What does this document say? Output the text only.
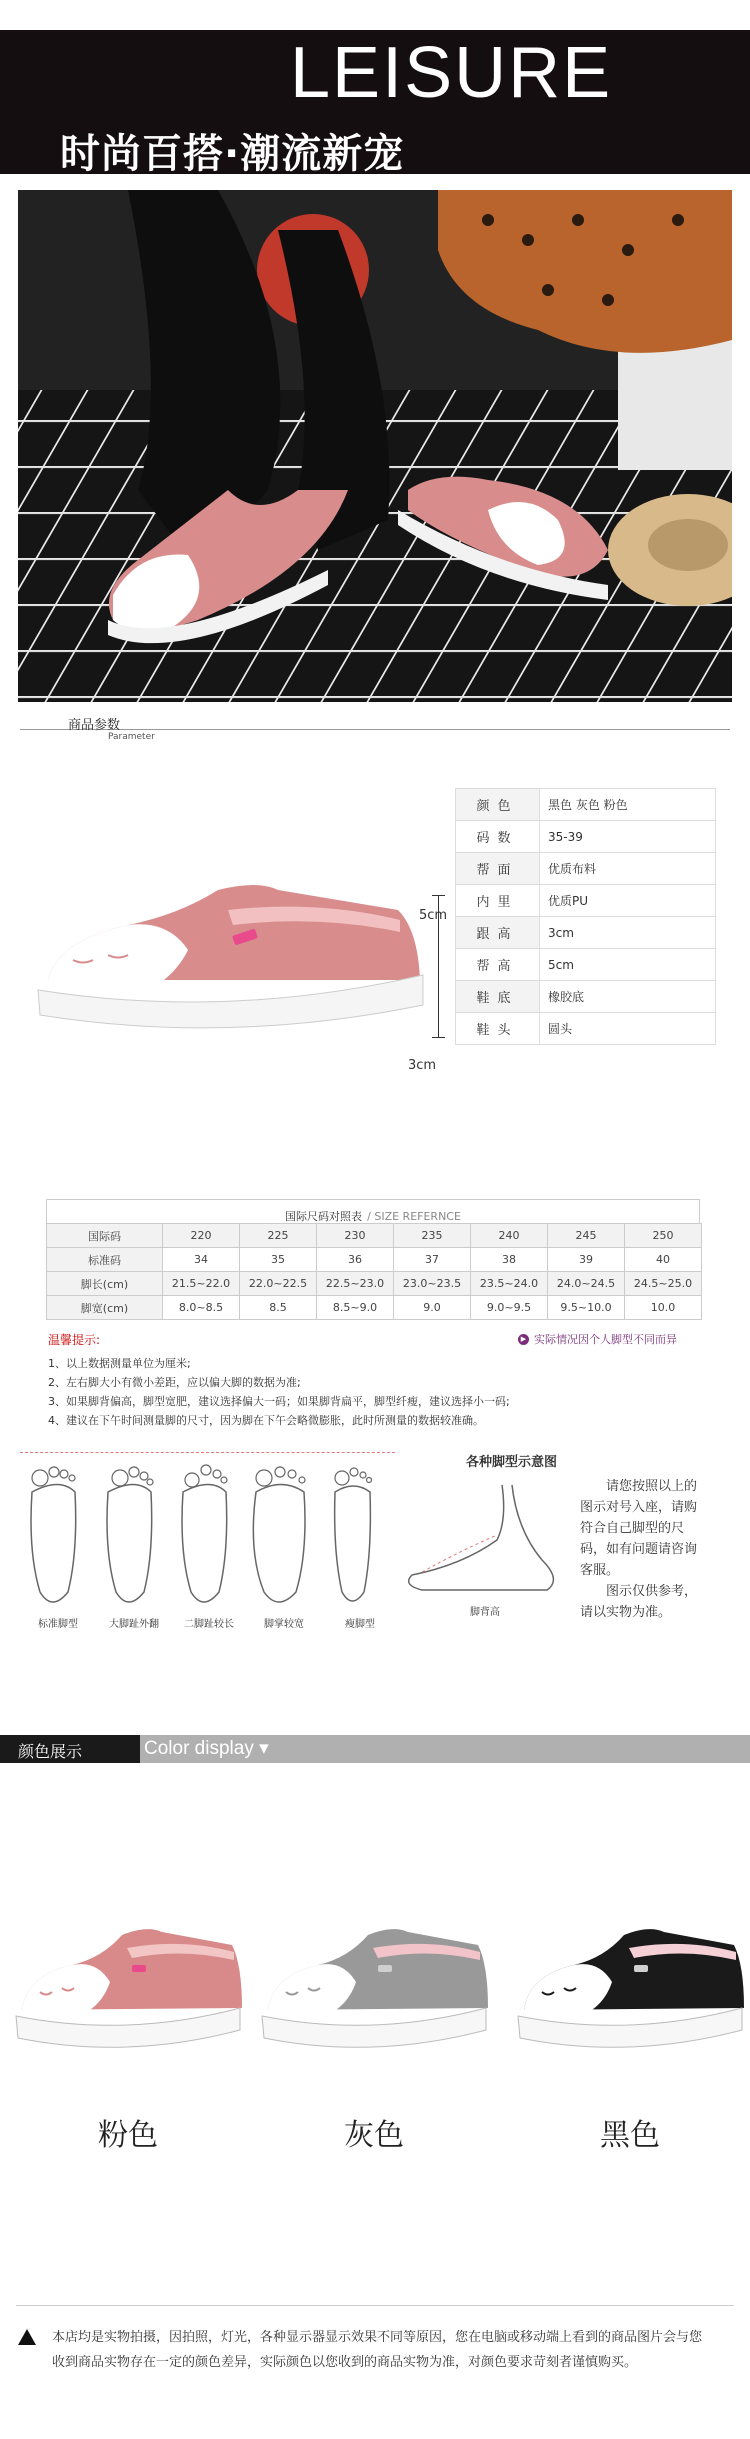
LEISURE
时尚百搭·潮流新宠
商品参数
Parameter
5cm
3cm
颜色	黑色 灰色 粉色
码数	35-39
帮面	优质布料
内里	优质PU
跟高	3cm
帮高	5cm
鞋底	橡胶底
鞋头	圆头
国际尺码对照表 / SIZE REFERNCE
国际码	220	225	230	235	240	245	250
标准码	34	35	36	37	38	39	40
脚长(cm)	21.5~22.0	22.0~22.5	22.5~23.0	23.0~23.5	23.5~24.0	24.0~24.5	24.5~25.0
脚宽(cm)	8.0~8.5	8.5	8.5~9.0	9.0	9.0~9.5	9.5~10.0	10.0
温馨提示:	▶ 实际情况因个人脚型不同而异
1、以上数据测量单位为厘米;
2、左右脚大小有微小差距，应以偏大脚的数据为准;
3、如果脚背偏高，脚型宽肥，建议选择偏大一码；如果脚背扁平，脚型纤瘦，建议选择小一码;
4、建议在下午时间测量脚的尺寸，因为脚在下午会略微膨胀，此时所测量的数据较准确。
标准脚型	大脚趾外翻	二脚趾较长	脚掌较宽	瘦脚型
各种脚型示意图
脚背高
请您按照以上的图示对号入座，请购符合自己脚型的尺码，如有问题请咨询客服。
图示仅供参考，请以实物为准。
颜色展示	Color display ▾
粉色	灰色	黑色
本店均是实物拍摄，因拍照，灯光，各种显示器显示效果不同等原因，您在电脑或移动端上看到的商品图片会与您收到商品实物存在一定的颜色差异，实际颜色以您收到的商品实物为准，对颜色要求苛刻者谨慎购买。
